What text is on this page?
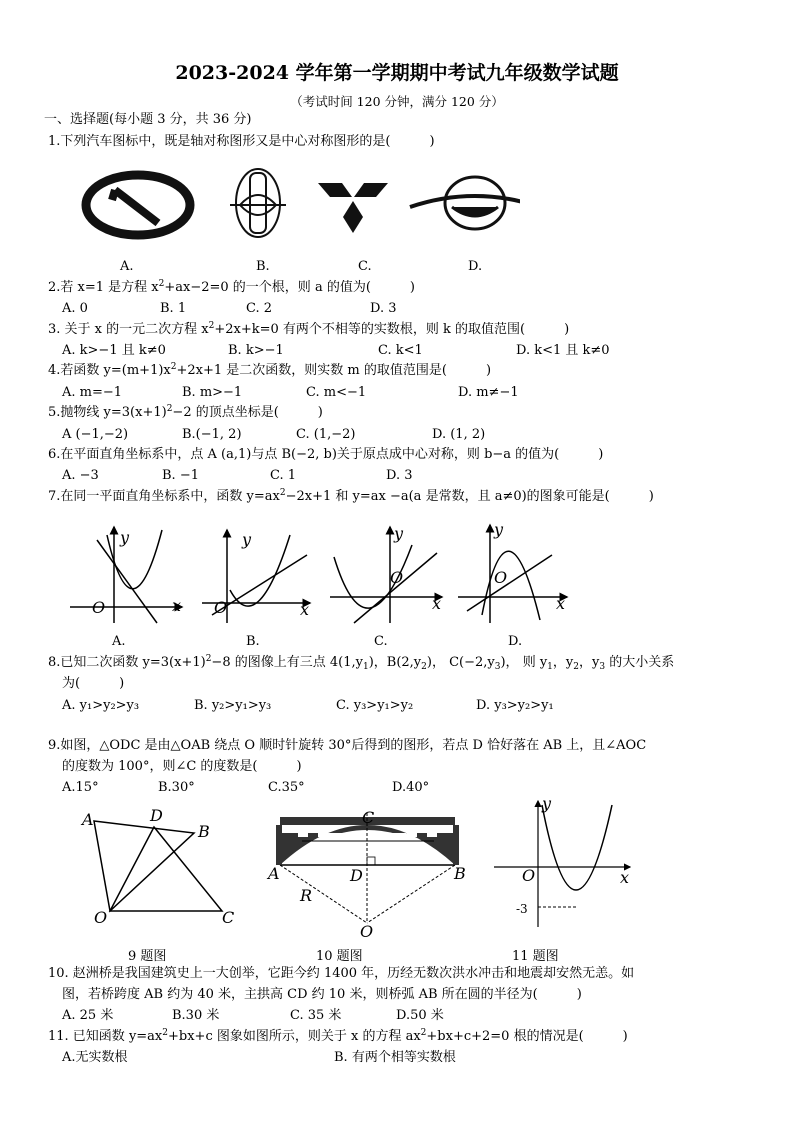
2023-2024 学年第一学期期中考试九年级数学试题
（考试时间 120 分钟，满分 120 分）
一、选择题(每小题 3 分，共 36 分)
1.下列汽车图标中，既是轴对称图形又是中心对称图形的是(　　　)
A.	B.	C.	D.
2.若 x=1 是方程 $x^2+ax-2=0$ 的一个根，则 a 的值为(　　　)
A. 0	B. 1	C. 2	D. 3
3. 关于 x 的一元二次方程 $x^2+2x+k=0$ 有两个不相等的实数根，则 k 的取值范围(　　　)
A. k>−1 且 k≠0	B. k>−1	C. k<1	D. k<1 且 k≠0
4.若函数 $y=(m+1)x^2+2x+1$ 是二次函数，则实数 m 的取值范围是(　　　)
A. m=−1	B. m>−1	C. m<−1	D. m≠−1
5.抛物线 $y=3(x+1)^2-2$ 的顶点坐标是(　　　)
A (−1,−2)	B.(−1, 2)	C. (1,−2)	D. (1, 2)
6.在平面直角坐标系中，点 A (a,1)与点 B(−2, b)关于原点成中心对称，则 b−a 的值为(　　　)
A. −3	B. −1	C. 1	D. 3
7.在同一平面直角坐标系中，函数 $y=ax^2-2x+1$ 和 y=ax −a(a 是常数，且 a≠0)的图象可能是(　　　)
y
x
O
y
x
O
y
x
O
y
x
O
A.	B.	C.	D.
8.已知二次函数 $y=3(x+1)^2-8$ 的图像上有三点 $4(1,y_1)$，$B(2,y_2)$， $C(-2,y_3)$， 则 $y_1$，$y_2$，$y_3$ 的大小关系
为(　　　)
A. y₁>y₂>y₃	B. y₂>y₁>y₃	C. y₃>y₁>y₂	D. y₃>y₂>y₁
9.如图，△ODC 是由△OAB 绕点 O 顺时针旋转 30°后得到的图形，若点 D 恰好落在 AB 上，且∠AOC
的度数为 100°，则∠C 的度数是(　　　)
A.15°	B.30°	C.35°	D.40°
A	D
B
O	C
C
A	B
D
R
O
y
x
O
-3
9 题图	10 题图	11 题图
10. 赵洲桥是我国建筑史上一大创举，它距今约 1400 年，历经无数次洪水冲击和地震却安然无恙。如
图，若桥跨度 AB 约为 40 米，主拱高 CD 约 10 米，则桥弧 AB 所在圆的半径为(　　　)
A. 25 米	B.30 米	C. 35 米	D.50 米
11. 已知函数 $y=ax^2+bx+c$ 图象如图所示，则关于 x 的方程 $ax^2+bx+c+2=0$ 根的情况是(　　　)
A.无实数根	B. 有两个相等实数根
